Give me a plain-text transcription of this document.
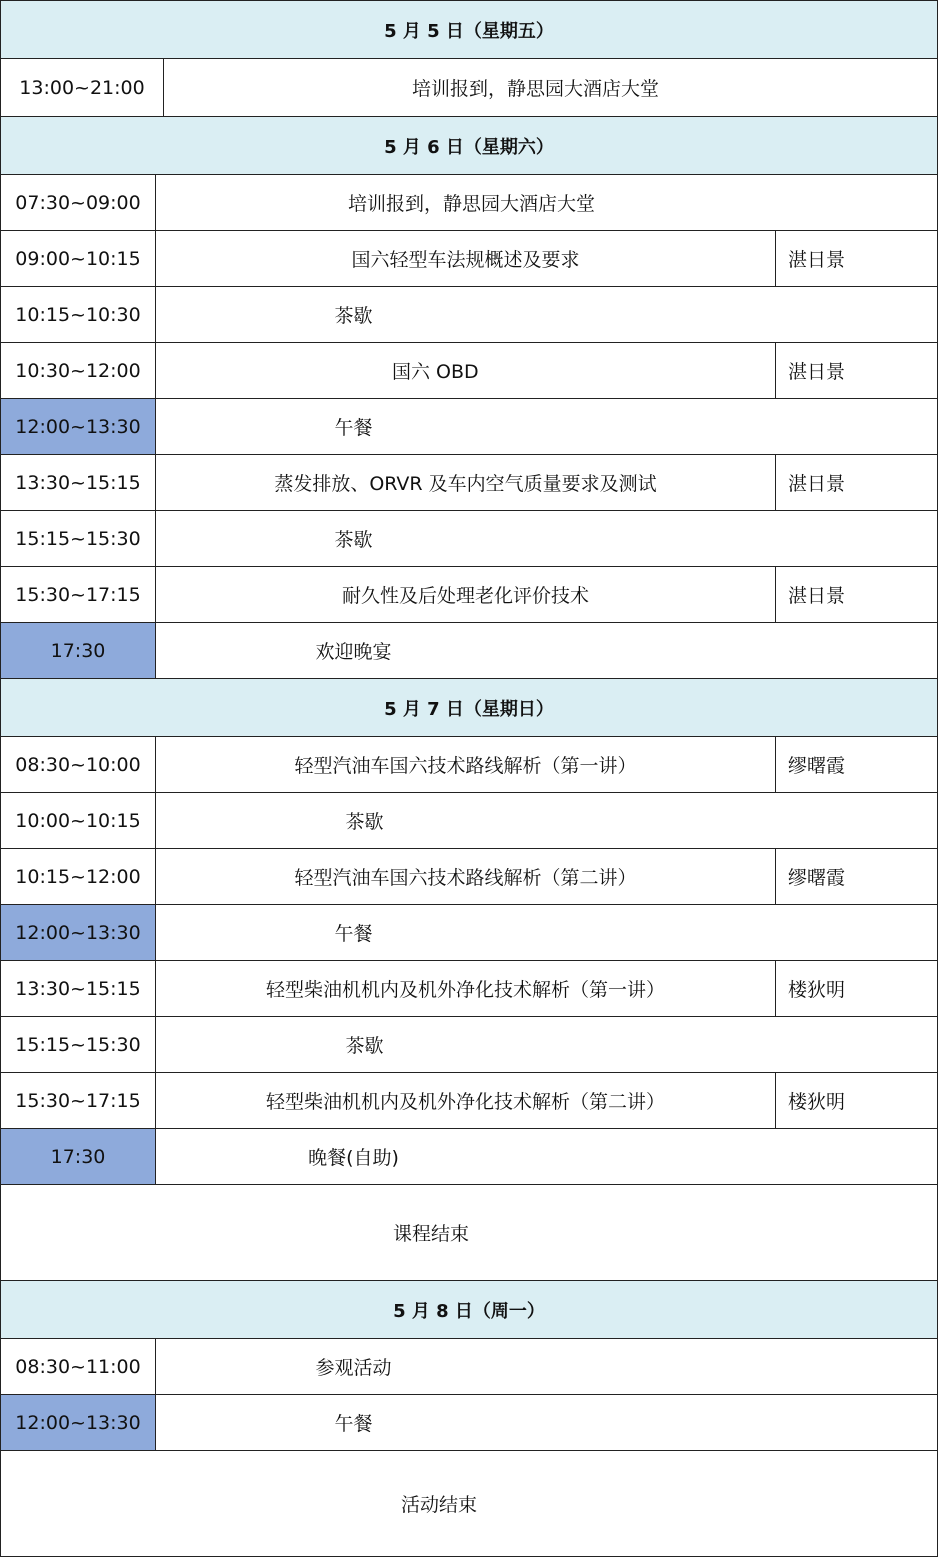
5 月 5 日（星期五）
13:00~21:00	培训报到，静思园大酒店大堂
5 月 6 日（星期六）
07:30~09:00	培训报到，静思园大酒店大堂
09:00~10:15	国六轻型车法规概述及要求	湛日景
10:15~10:30	茶歇
10:30~12:00	国六 OBD	湛日景
12:00~13:30	午餐
13:30~15:15	蒸发排放、ORVR 及车内空气质量要求及测试	湛日景
15:15~15:30	茶歇
15:30~17:15	耐久性及后处理老化评价技术	湛日景
17:30	欢迎晚宴
5 月 7 日（星期日）
08:30~10:00	轻型汽油车国六技术路线解析（第一讲）	缪曙霞
10:00~10:15	茶歇
10:15~12:00	轻型汽油车国六技术路线解析（第二讲）	缪曙霞
12:00~13:30	午餐
13:30~15:15	轻型柴油机机内及机外净化技术解析（第一讲）	楼狄明
15:15~15:30	茶歇
15:30~17:15	轻型柴油机机内及机外净化技术解析（第二讲）	楼狄明
17:30	晚餐(自助)
课程结束
5 月 8 日（周一）
08:30~11:00	参观活动
12:00~13:30	午餐
活动结束
